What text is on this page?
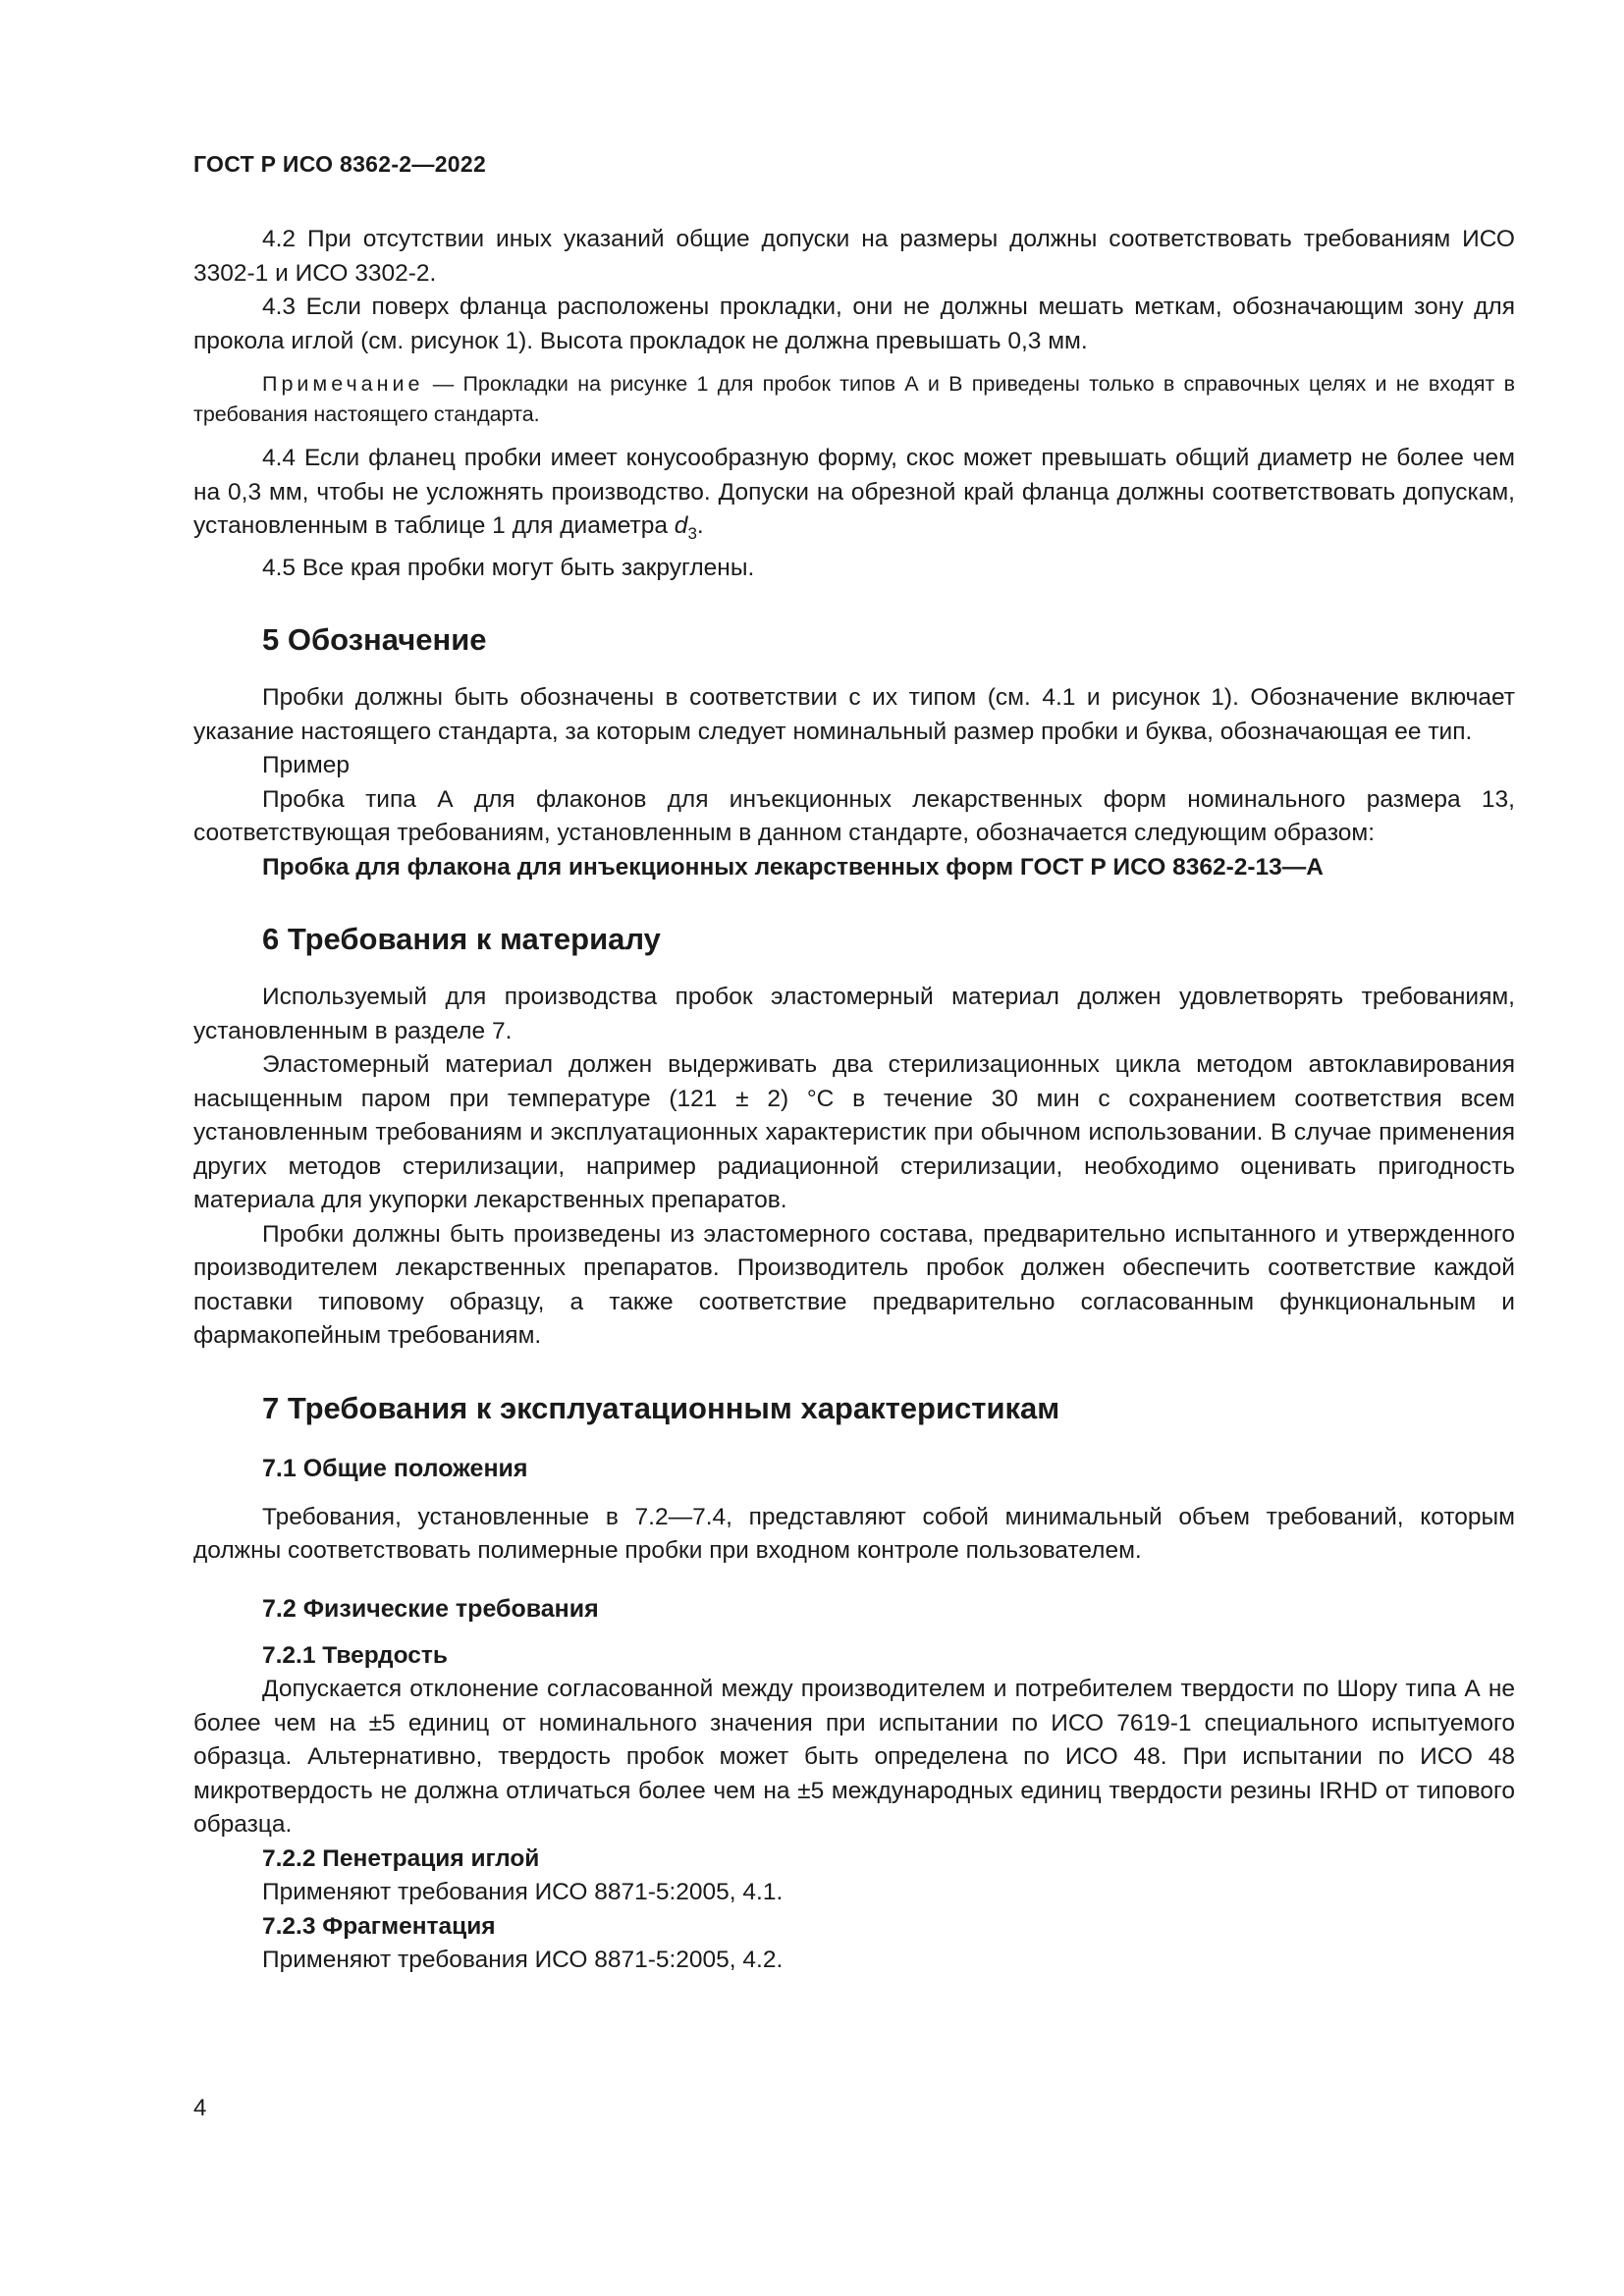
ГОСТ Р ИСО 8362-2—2022

4.2 При отсутствии иных указаний общие допуски на размеры должны соответствовать требованиям ИСО 3302-1 и ИСО 3302-2.

4.3 Если поверх фланца расположены прокладки, они не должны мешать меткам, обозначающим зону для прокола иглой (см. рисунок 1). Высота прокладок не должна превышать 0,3 мм.

Примечание — Прокладки на рисунке 1 для пробок типов А и В приведены только в справочных целях и не входят в требования настоящего стандарта.

4.4 Если фланец пробки имеет конусообразную форму, скос может превышать общий диаметр не более чем на 0,3 мм, чтобы не усложнять производство. Допуски на обрезной край фланца должны соответствовать допускам, установленным в таблице 1 для диаметра $d_3$.

4.5 Все края пробки могут быть закруглены.

5 Обозначение

Пробки должны быть обозначены в соответствии с их типом (см. 4.1 и рисунок 1). Обозначение включает указание настоящего стандарта, за которым следует номинальный размер пробки и буква, обозначающая ее тип.

Пример

Пробка типа А для флаконов для инъекционных лекарственных форм номинального размера 13, соответствующая требованиям, установленным в данном стандарте, обозначается следующим образом:

Пробка для флакона для инъекционных лекарственных форм ГОСТ Р ИСО 8362-2-13—A

6 Требования к материалу

Используемый для производства пробок эластомерный материал должен удовлетворять требованиям, установленным в разделе 7.

Эластомерный материал должен выдерживать два стерилизационных цикла методом автоклавирования насыщенным паром при температуре (121 ± 2) °С в течение 30 мин с сохранением соответствия всем установленным требованиям и эксплуатационных характеристик при обычном использовании. В случае применения других методов стерилизации, например радиационной стерилизации, необходимо оценивать пригодность материала для укупорки лекарственных препаратов.

Пробки должны быть произведены из эластомерного состава, предварительно испытанного и утвержденного производителем лекарственных препаратов. Производитель пробок должен обеспечить соответствие каждой поставки типовому образцу, а также соответствие предварительно согласованным функциональным и фармакопейным требованиям.

7 Требования к эксплуатационным характеристикам
7.1 Общие положения

Требования, установленные в 7.2—7.4, представляют собой минимальный объем требований, которым должны соответствовать полимерные пробки при входном контроле пользователем.

7.2 Физические требования
7.2.1 Твердость

Допускается отклонение согласованной между производителем и потребителем твердости по Шору типа А не более чем на ±5 единиц от номинального значения при испытании по ИСО 7619-1 специального испытуемого образца. Альтернативно, твердость пробок может быть определена по ИСО 48. При испытании по ИСО 48 микротвердость не должна отличаться более чем на ±5 международных единиц твердости резины IRHD от типового образца.

7.2.2 Пенетрация иглой

Применяют требования ИСО 8871-5:2005, 4.1.

7.2.3 Фрагментация

Применяют требования ИСО 8871-5:2005, 4.2.

4
